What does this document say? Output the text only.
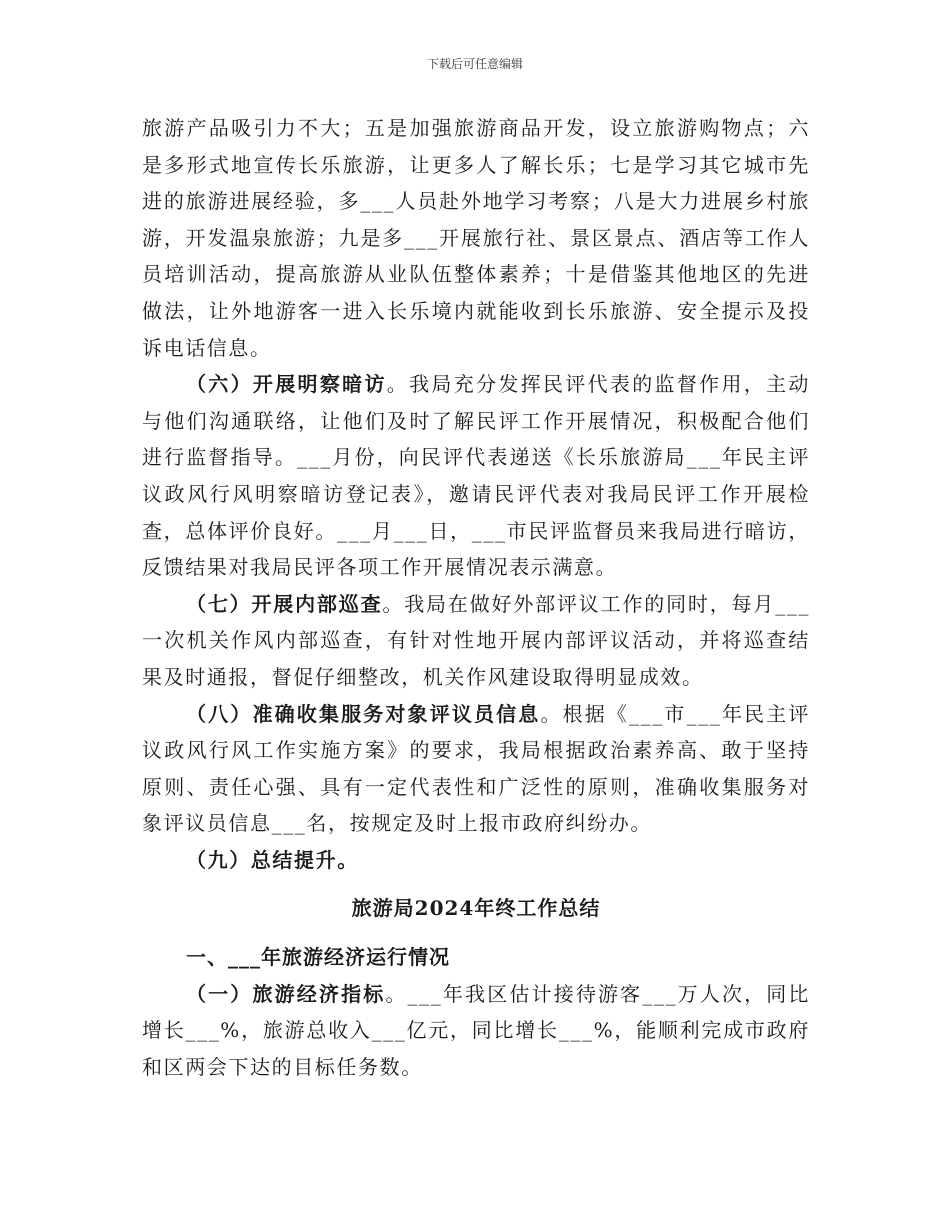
下载后可任意编辑

旅游产品吸引力不大；五是加强旅游商品开发，设立旅游购物点；六是多形式地宣传长乐旅游，让更多人了解长乐；七是学习其它城市先进的旅游进展经验，多___人员赴外地学习考察；八是大力进展乡村旅游，开发温泉旅游；九是多___开展旅行社、景区景点、酒店等工作人员培训活动，提高旅游从业队伍整体素养；十是借鉴其他地区的先进做法，让外地游客一进入长乐境内就能收到长乐旅游、安全提示及投诉电话信息。

（六）开展明察暗访。我局充分发挥民评代表的监督作用，主动与他们沟通联络，让他们及时了解民评工作开展情况，积极配合他们进行监督指导。___月份，向民评代表递送《长乐旅游局___年民主评议政风行风明察暗访登记表》，邀请民评代表对我局民评工作开展检查，总体评价良好。___月___日，___市民评监督员来我局进行暗访，反馈结果对我局民评各项工作开展情况表示满意。

（七）开展内部巡查。我局在做好外部评议工作的同时，每月___一次机关作风内部巡查，有针对性地开展内部评议活动，并将巡查结果及时通报，督促仔细整改，机关作风建设取得明显成效。

（八）准确收集服务对象评议员信息。根据《___市___年民主评议政风行风工作实施方案》的要求，我局根据政治素养高、敢于坚持原则、责任心强、具有一定代表性和广泛性的原则，准确收集服务对象评议员信息___名，按规定及时上报市政府纠纷办。

（九）总结提升。

旅游局2024年终工作总结

一、___年旅游经济运行情况

（一）旅游经济指标。___年我区估计接待游客___万人次，同比增长___%，旅游总收入___亿元，同比增长___%，能顺利完成市政府和区两会下达的目标任务数。
